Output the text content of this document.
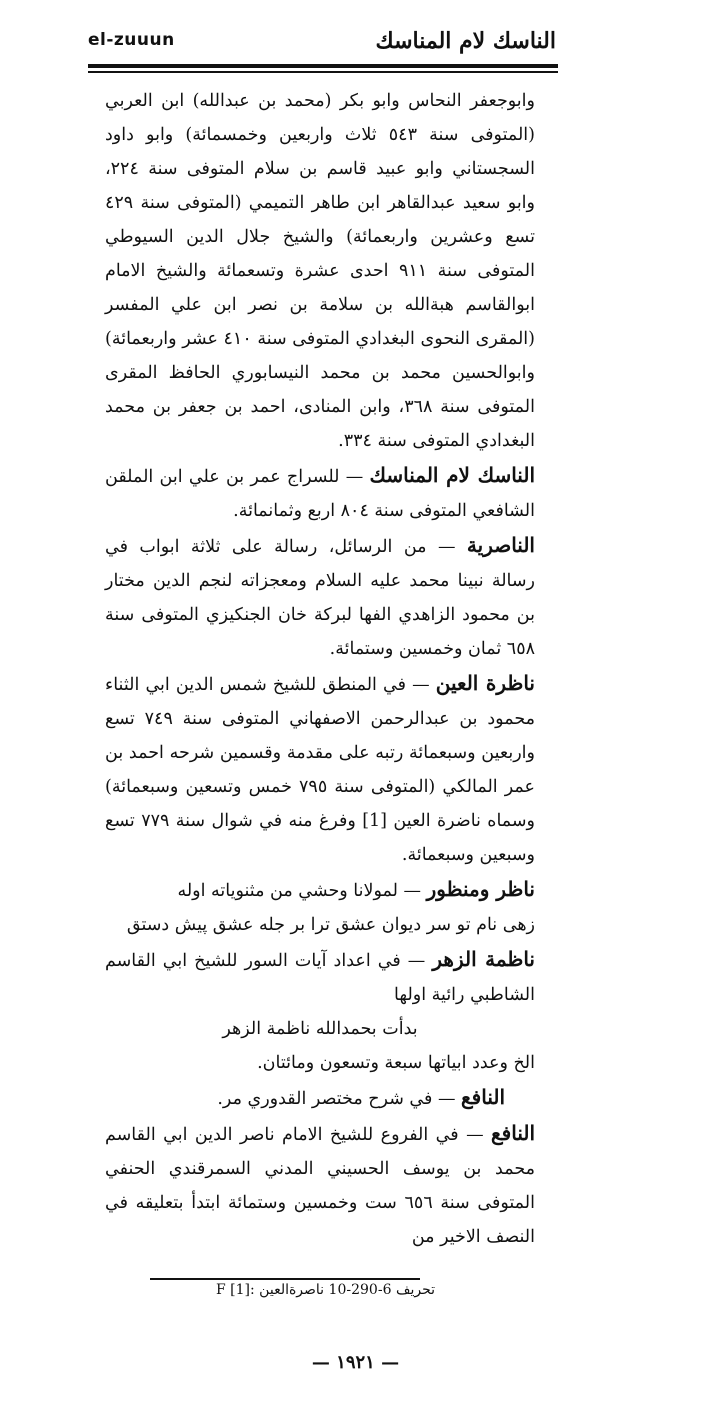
el-zuuun	الناسك لام المناسك

وابوجعفر النحاس وابو بكر (محمد بن عبدالله) ابن العربي (المتوفى سنة ٥٤٣ ثلاث واربعين وخمسمائة) وابو داود السجستاني وابو عبيد قاسم بن سلام المتوفى سنة ٢٢٤، وابو سعيد عبدالقاهر ابن طاهر التميمي (المتوفى سنة ٤٢٩ تسع وعشرين واربعمائة) والشيخ جلال الدين السيوطي المتوفى سنة ٩١١ احدى عشرة وتسعمائة والشيخ الامام ابوالقاسم هبةالله بن سلامة بن نصر ابن علي المفسر (المقرى النحوى البغدادي المتوفى سنة ٤١٠ عشر واربعمائة) وابوالحسين محمد بن محمد النيسابوري الحافظ المقرى المتوفى سنة ٣٦٨، وابن المنادى، احمد بن جعفر بن محمد البغدادي المتوفى سنة ٣٣٤.

الناسك لام المناسك — للسراج عمر بن علي ابن الملقن الشافعي المتوفى سنة ٨٠٤ اربع وثمانمائة.

الناصرية — من الرسائل، رسالة على ثلاثة ابواب في رسالة نبينا محمد عليه السلام ومعجزاته لنجم الدين مختار بن محمود الزاهدي الفها لبركة خان الجنكيزي المتوفى سنة ٦٥٨ ثمان وخمسين وستمائة.

ناظرة العين — في المنطق للشيخ شمس الدين ابي الثناء محمود بن عبدالرحمن الاصفهاني المتوفى سنة ٧٤٩ تسع واربعين وسبعمائة رتبه على مقدمة وقسمين شرحه احمد بن عمر المالكي (المتوفى سنة ٧٩٥ خمس وتسعين وسبعمائة) وسماه ناضرة العين [1] وفرغ منه في شوال سنة ٧٧٩ تسع وسبعين وسبعمائة.

ناظر ومنظور — لمولانا وحشي من مثنوياته اوله

زهى نام تو سر ديوان عشق ترا بر جله عشق پيش دستق

ناظمة الزهر — في اعداد آيات السور للشيخ ابي القاسم الشاطبي رائية اولها

بدأت بحمدالله ناظمة الزهر

الخ وعدد ابياتها سبعة وتسعون ومائتان.

النافع — في شرح مختصر القدوري مر.

النافع — في الفروع للشيخ الامام ناصر الدين ابي القاسم محمد بن يوسف الحسيني المدني السمرقندي الحنفي المتوفى سنة ٦٥٦ ست وخمسين وستمائة ابتدأ بتعليقه في النصف الاخير من

تحريف 6-290-10 ناصرةالعين :F [1]
— ١٩٢١ —
